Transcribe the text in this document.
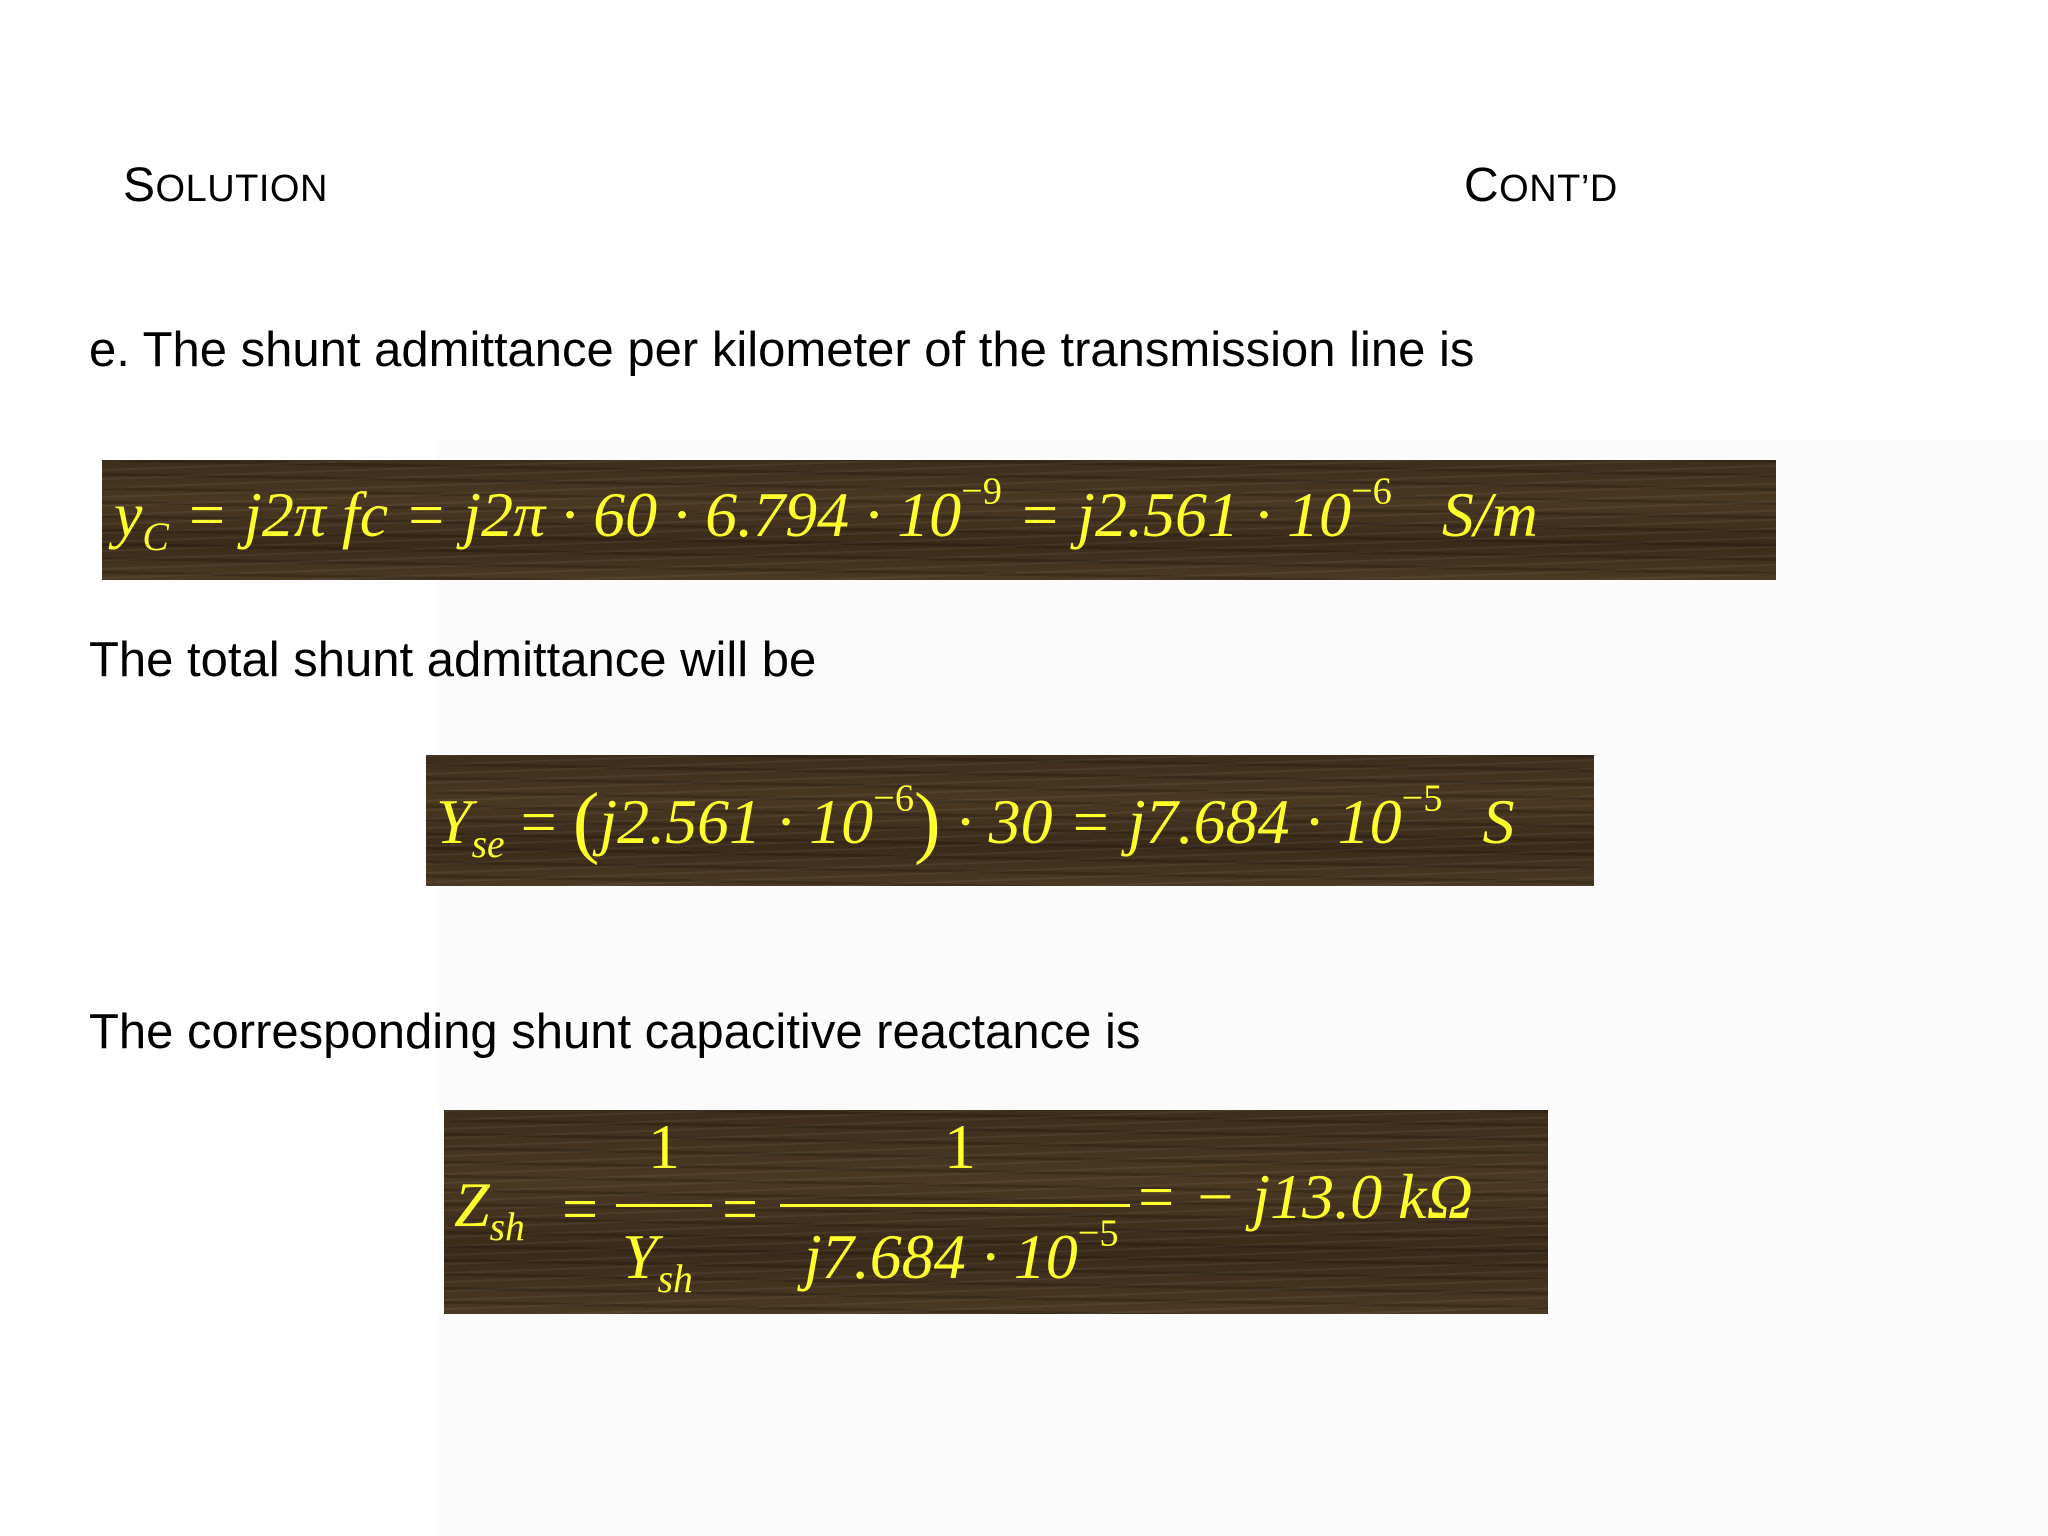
SOLUTION	CONT’D
e. The shunt admittance per kilometer of the transmission line is
$y_C = j2\pi$ fc = $j2\pi \cdot 60 \cdot 6.794 \cdot 10^{-9} = j2.561 \cdot 10^{-6}$ S/m
The total shunt admittance will be
$Y_{se} = (j2.561 \cdot 10^{-6}) \cdot 30 = j7.684 \cdot 10^{-5}$ S
The corresponding shunt capacitive reactance is
$Z_{sh}$ =
1
$Y_{sh}$
=
1
$j7.684 \cdot 10^{-5}$
= − j13.0 kΩ
